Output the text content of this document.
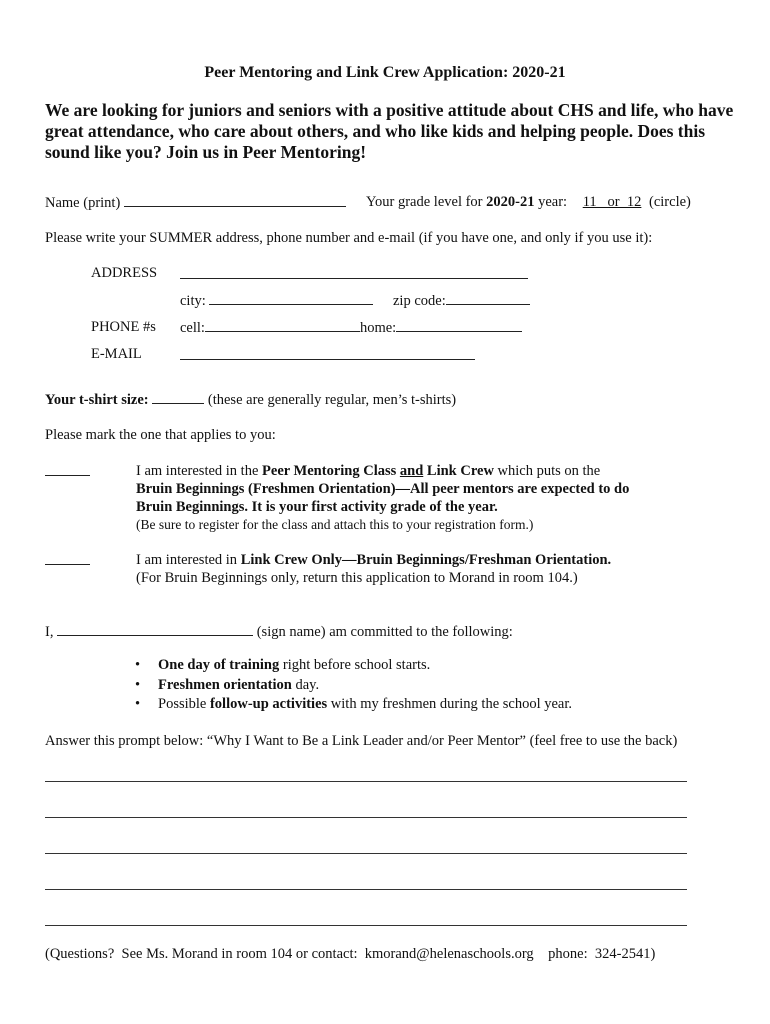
Peer Mentoring and Link Crew Application: 2020-21
We are looking for juniors and seniors with a positive attitude about CHS and life, who have great attendance, who care about others, and who like kids and helping people. Does this sound like you? Join us in Peer Mentoring!
Name (print)	Your grade level for 2020-21 year: 11   or  12 (circle)
Please write your SUMMER address, phone number and e-mail (if you have one, and only if you use it):
ADDRESS
city:	zip code:
PHONE #s cell:	home:
E-MAIL
Your t-shirt size:	(these are generally regular, men’s t-shirts)
Please mark the one that applies to you:
I am interested in the Peer Mentoring Class and Link Crew which puts on the
Bruin Beginnings (Freshmen Orientation)—All peer mentors are expected to do
Bruin Beginnings. It is your first activity grade of the year.
(Be sure to register for the class and attach this to your registration form.)
I am interested in Link Crew Only—Bruin Beginnings/Freshman Orientation.
(For Bruin Beginnings only, return this application to Morand in room 104.)
I,	(sign name) am committed to the following:
• One day of training right before school starts.
• Freshmen orientation day.
• Possible follow-up activities with my freshmen during the school year.
Answer this prompt below: “Why I Want to Be a Link Leader and/or Peer Mentor” (feel free to use the back)
(Questions?  See Ms. Morand in room 104 or contact:  kmorand@helenaschools.org    phone:  324-2541)
